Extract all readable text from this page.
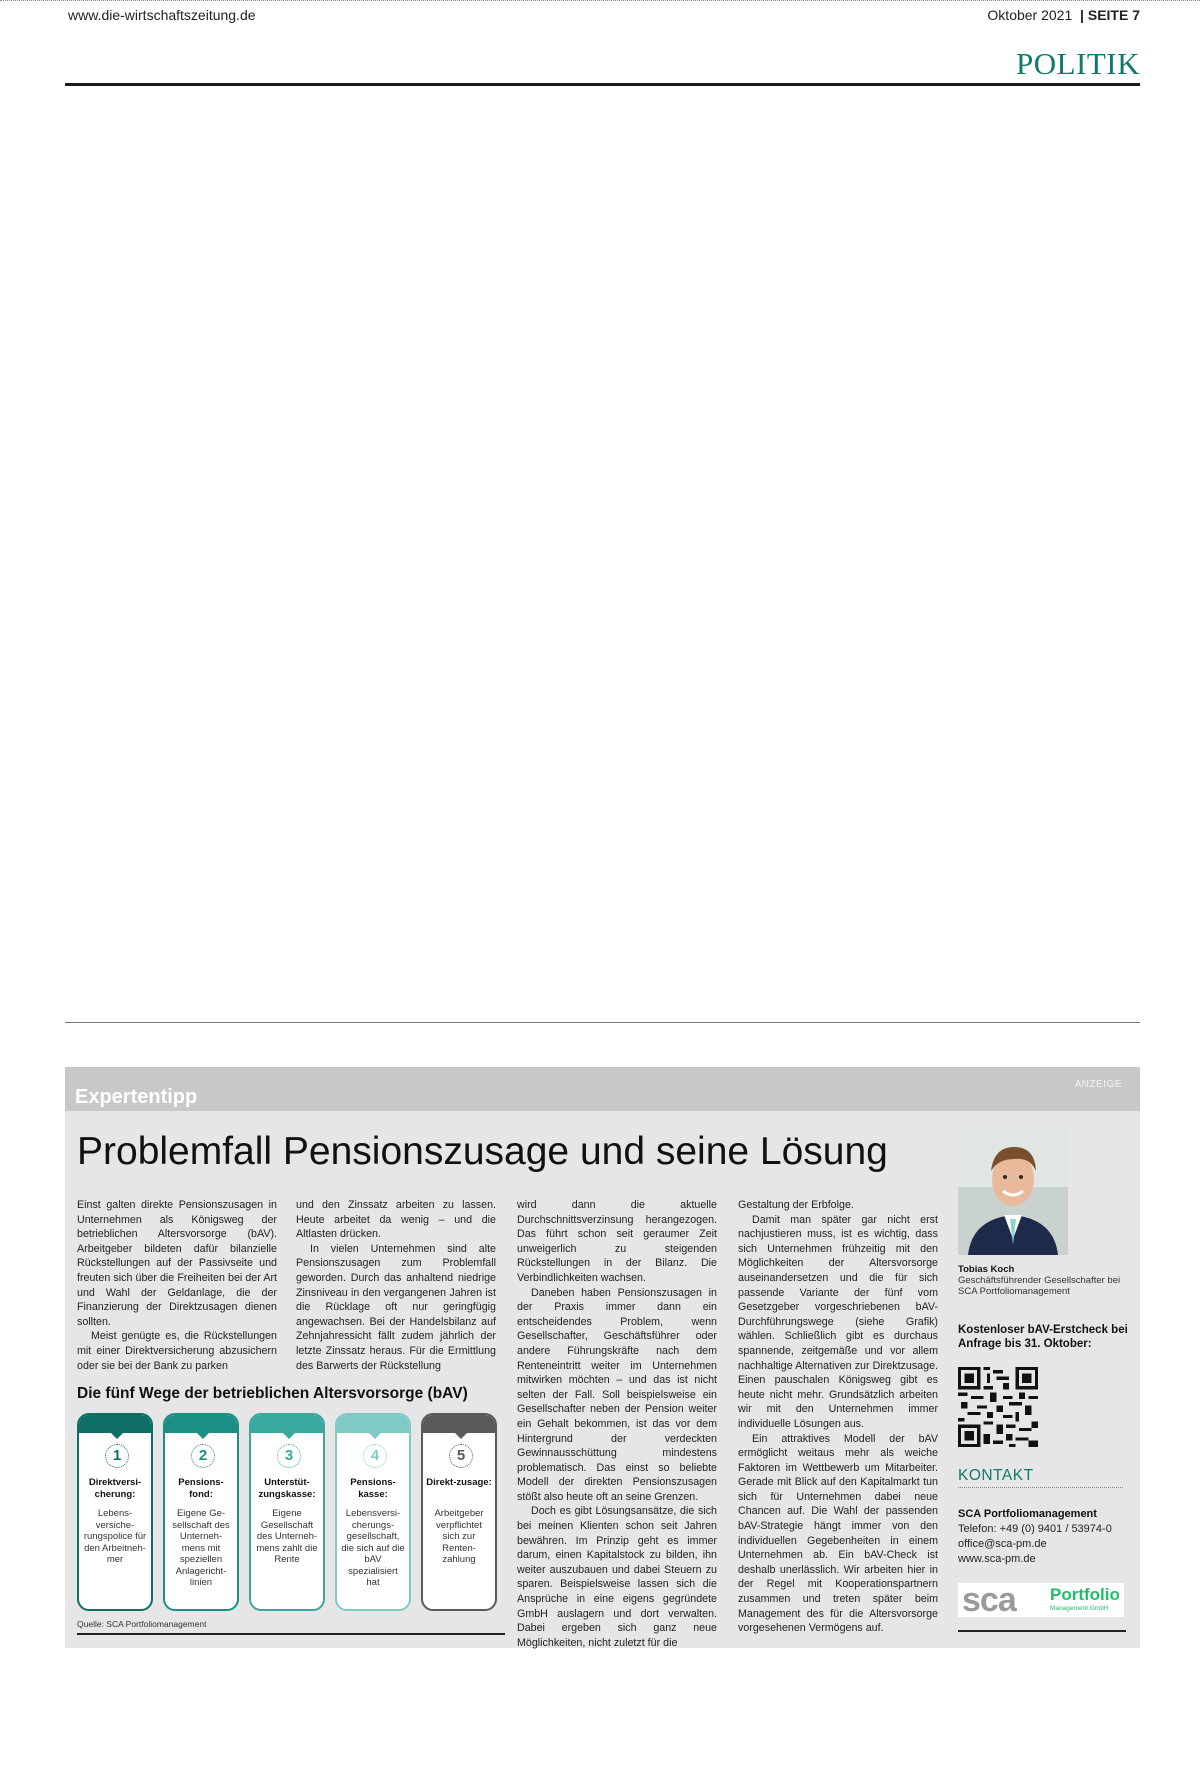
www.die-wirtschaftszeitung.de	Oktober 2021 | SEITE 7
POLITIK
Expertentipp
ANZEIGE
Problemfall Pensionszusage und seine Lösung

Einst galten direkte Pensionszusagen in Unternehmen als Königsweg der betrieblichen Altersvorsorge (bAV). Arbeitgeber bildeten dafür bilanzielle Rückstellungen auf der Passivseite und freuten sich über die Freiheiten bei der Art und Wahl der Geldanlage, die der Finanzierung der Direktzusagen dienen sollten.

Meist genügte es, die Rückstellungen mit einer Direktversicherung abzusichern oder sie bei der Bank zu parken

und den Zinssatz arbeiten zu lassen. Heute arbeitet da wenig – und die Altlasten drücken.

In vielen Unternehmen sind alte Pensionszusagen zum Problemfall geworden. Durch das anhaltend niedrige Zinsniveau in den vergangenen Jahren ist die Rücklage oft nur geringfügig angewachsen. Bei der Handelsbilanz auf Zehnjahressicht fällt zudem jährlich der letzte Zinssatz heraus. Für die Ermittlung des Barwerts der Rückstellung

wird dann die aktuelle Durchschnittsverzinsung herangezogen. Das führt schon seit geraumer Zeit unweigerlich zu steigenden Rückstellungen in der Bilanz. Die Verbindlichkeiten wachsen.

Daneben haben Pensionszusagen in der Praxis immer dann ein entscheidendes Problem, wenn Gesellschafter, Geschäftsführer oder andere Führungskräfte nach dem Renteneintritt weiter im Unternehmen mitwirken möchten – und das ist nicht selten der Fall. Soll beispielsweise ein Gesellschafter neben der Pension weiter ein Gehalt bekommen, ist das vor dem Hintergrund der verdeckten Gewinnausschüttung mindestens problematisch. Das einst so beliebte Modell der direkten Pensionszusagen stößt also heute oft an seine Grenzen.

Doch es gibt Lösungsansätze, die sich bei meinen Klienten schon seit Jahren bewähren. Im Prinzip geht es immer darum, einen Kapitalstock zu bilden, ihn weiter auszubauen und dabei Steuern zu sparen. Beispielsweise lassen sich die Ansprüche in eine eigens gegründete GmbH auslagern und dort verwalten. Dabei ergeben sich ganz neue Möglichkeiten, nicht zuletzt für die

Gestaltung der Erbfolge.

Damit man später gar nicht erst nachjustieren muss, ist es wichtig, dass sich Unternehmen frühzeitig mit den Möglichkeiten der Altersvorsorge auseinandersetzen und die für sich passende Variante der fünf vom Gesetzgeber vorgeschriebenen bAV-Durchführungswege (siehe Grafik) wählen. Schließlich gibt es durchaus spannende, zeitgemäße und vor allem nachhaltige Alternativen zur Direktzusage. Einen pauschalen Königsweg gibt es heute nicht mehr. Grundsätzlich arbeiten wir mit den Unternehmen immer individuelle Lösungen aus.

Ein attraktives Modell der bAV ermöglicht weitaus mehr als weiche Faktoren im Wettbewerb um Mitarbeiter. Gerade mit Blick auf den Kapitalmarkt tun sich für Unternehmen dabei neue Chancen auf. Die Wahl der passenden bAV-Strategie hängt immer von den individuellen Gegebenheiten in einem Unternehmen ab. Ein bAV-Check ist deshalb unerlässlich. Wir arbeiten hier in der Regel mit Kooperationspartnern zusammen und treten später beim Management des für die Altersvorsorge vorgesehenen Vermögens auf.

Die fünf Wege der betrieblichen Altersvorsorge (bAV)
1
Direktversi-cherung:
Lebens-versiche-rungspolice für den Arbeitneh-mer
2
Pensions-fond:
Eigene Ge-sellschaft des Unterneh-mens mit speziellen Anlagericht-linien
3
Unterstüt-zungskasse:
Eigene Gesellschaft des Unterneh-mens zahlt die Rente
4
Pensions-kasse:
Lebensversi-cherungs-gesellschaft, die sich auf die bAV spezialisiert hat
5
Direkt-zusage:
Arbeitgeber verpflichtet sich zur Renten-zahlung
Quelle: SCA Portfoliomanagement
Tobias Koch
Geschäftsführender Gesellschafter bei SCA Portfoliomanagement
Kostenloser bAV-Erstcheck bei Anfrage bis 31. Oktober:
KONTAKT
SCA Portfoliomanagement
Telefon: +49 (0) 9401 / 53974-0
office@sca-pm.de
www.sca-pm.de
sca Portfolio
Management GmbH
